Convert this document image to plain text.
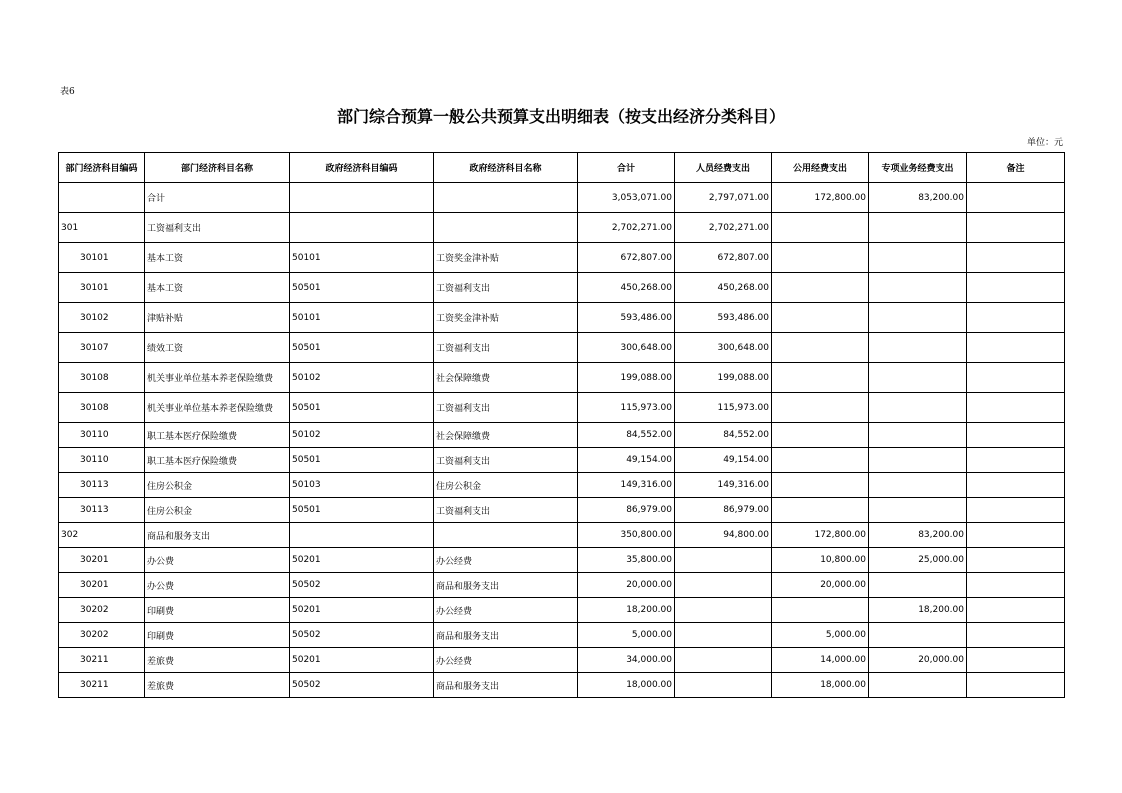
表6
部门综合预算一般公共预算支出明细表（按支出经济分类科目）
单位：元
部门经济科目编码	部门经济科目名称	政府经济科目编码	政府经济科目名称	合计	人员经费支出	公用经费支出	专项业务经费支出	备注
	合计			3,053,071.00	2,797,071.00	172,800.00	83,200.00	
301	工资福利支出			2,702,271.00	2,702,271.00			
30101	基本工资	50101	工资奖金津补贴	672,807.00	672,807.00			
30101	基本工资	50501	工资福利支出	450,268.00	450,268.00			
30102	津贴补贴	50101	工资奖金津补贴	593,486.00	593,486.00			
30107	绩效工资	50501	工资福利支出	300,648.00	300,648.00			
30108	机关事业单位基本养老保险缴费	50102	社会保障缴费	199,088.00	199,088.00			
30108	机关事业单位基本养老保险缴费	50501	工资福利支出	115,973.00	115,973.00			
30110	职工基本医疗保险缴费	50102	社会保障缴费	84,552.00	84,552.00			
30110	职工基本医疗保险缴费	50501	工资福利支出	49,154.00	49,154.00			
30113	住房公积金	50103	住房公积金	149,316.00	149,316.00			
30113	住房公积金	50501	工资福利支出	86,979.00	86,979.00			
302	商品和服务支出			350,800.00	94,800.00	172,800.00	83,200.00	
30201	办公费	50201	办公经费	35,800.00		10,800.00	25,000.00	
30201	办公费	50502	商品和服务支出	20,000.00		20,000.00		
30202	印刷费	50201	办公经费	18,200.00			18,200.00	
30202	印刷费	50502	商品和服务支出	5,000.00		5,000.00		
30211	差旅费	50201	办公经费	34,000.00		14,000.00	20,000.00	
30211	差旅费	50502	商品和服务支出	18,000.00		18,000.00		
